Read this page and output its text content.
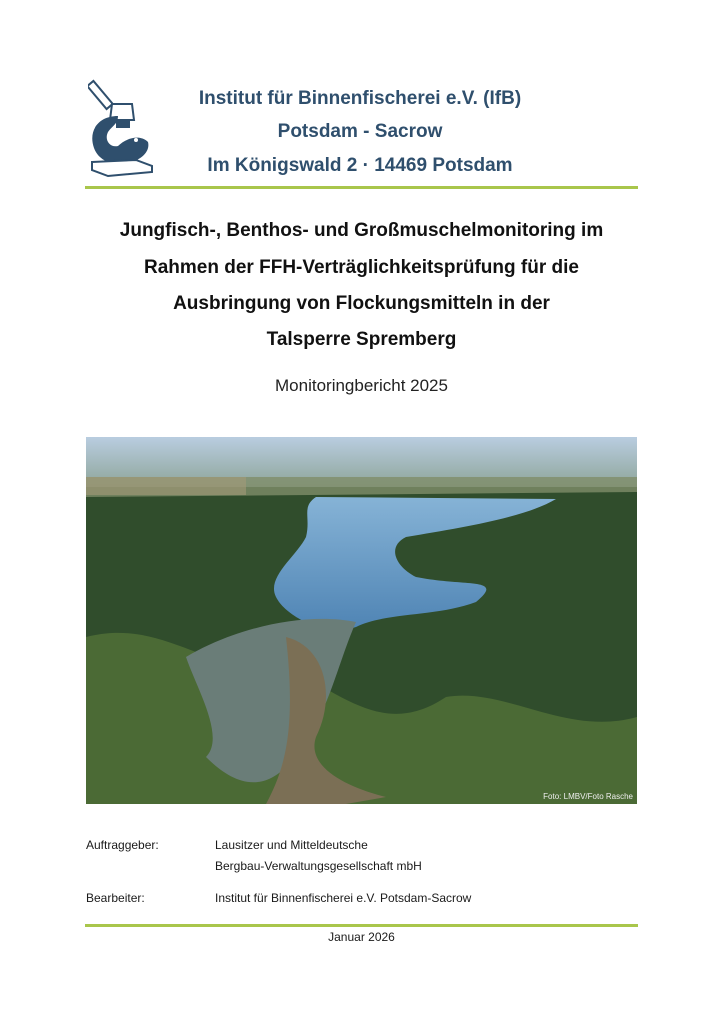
Institut für Binnenfischerei e.V. (IfB)
Potsdam - Sacrow
Im Königswald 2 · 14469 Potsdam
Jungfisch-, Benthos- und Großmuschelmonitoring im
Rahmen der FFH-Verträglichkeitsprüfung für die
Ausbringung von Flockungsmitteln in der
Talsperre Spremberg
Monitoringbericht 2025
Foto: LMBV/Foto Rasche
Auftraggeber:	Lausitzer und Mitteldeutsche
Bergbau-Verwaltungsgesellschaft mbH
Bearbeiter:	Institut für Binnenfischerei e.V. Potsdam-Sacrow
Januar 2026
